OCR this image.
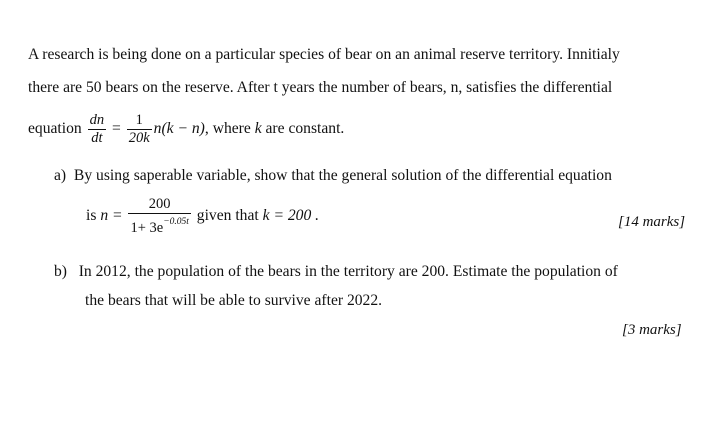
A research is being done on a particular species of bear on an animal reserve territory. Innitialy
there are 50 bears on the reserve. After t years the number of bears, n, satisfies the differential
equation $\frac{dn}{dt} = \frac{1}{20k} n(k - n)$, where k are constant.
a) By using saperable variable, show that the general solution of the differential equation
is $n = \frac{200}{1+ 3e^{-0.05t}}$ given that k = 200 .	[14 marks]
b) In 2012, the population of the bears in the territory are 200. Estimate the population of
the bears that will be able to survive after 2022.
[3 marks]
